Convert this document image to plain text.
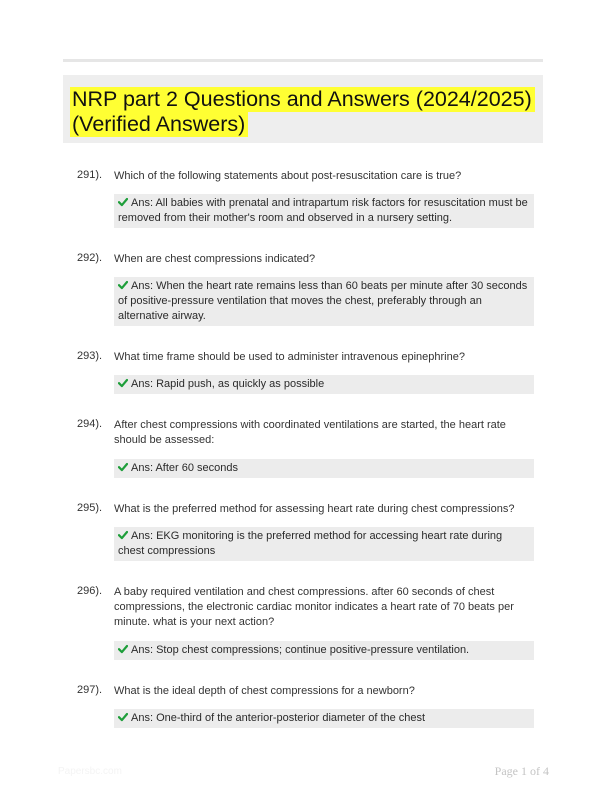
NRP part 2 Questions and Answers (2024/2025)
(Verified Answers)
291). Which of the following statements about post-resuscitation care is true?
Ans: All babies with prenatal and intrapartum risk factors for resuscitation must be removed from their mother's room and observed in a nursery setting.
292). When are chest compressions indicated?
Ans: When the heart rate remains less than 60 beats per minute after 30 seconds of positive-pressure ventilation that moves the chest, preferably through an alternative airway.
293). What time frame should be used to administer intravenous epinephrine?
Ans: Rapid push, as quickly as possible
294). After chest compressions with coordinated ventilations are started, the heart rate should be assessed:
Ans: After 60 seconds
295). What is the preferred method for assessing heart rate during chest compressions?
Ans: EKG monitoring is the preferred method for accessing heart rate during chest compressions
296). A baby required ventilation and chest compressions. after 60 seconds of chest compressions, the electronic cardiac monitor indicates a heart rate of 70 beats per minute. what is your next action?
Ans: Stop chest compressions; continue positive-pressure ventilation.
297). What is the ideal depth of chest compressions for a newborn?
Ans: One-third of the anterior-posterior diameter of the chest
Papersbc.com	Page 1 of 4
